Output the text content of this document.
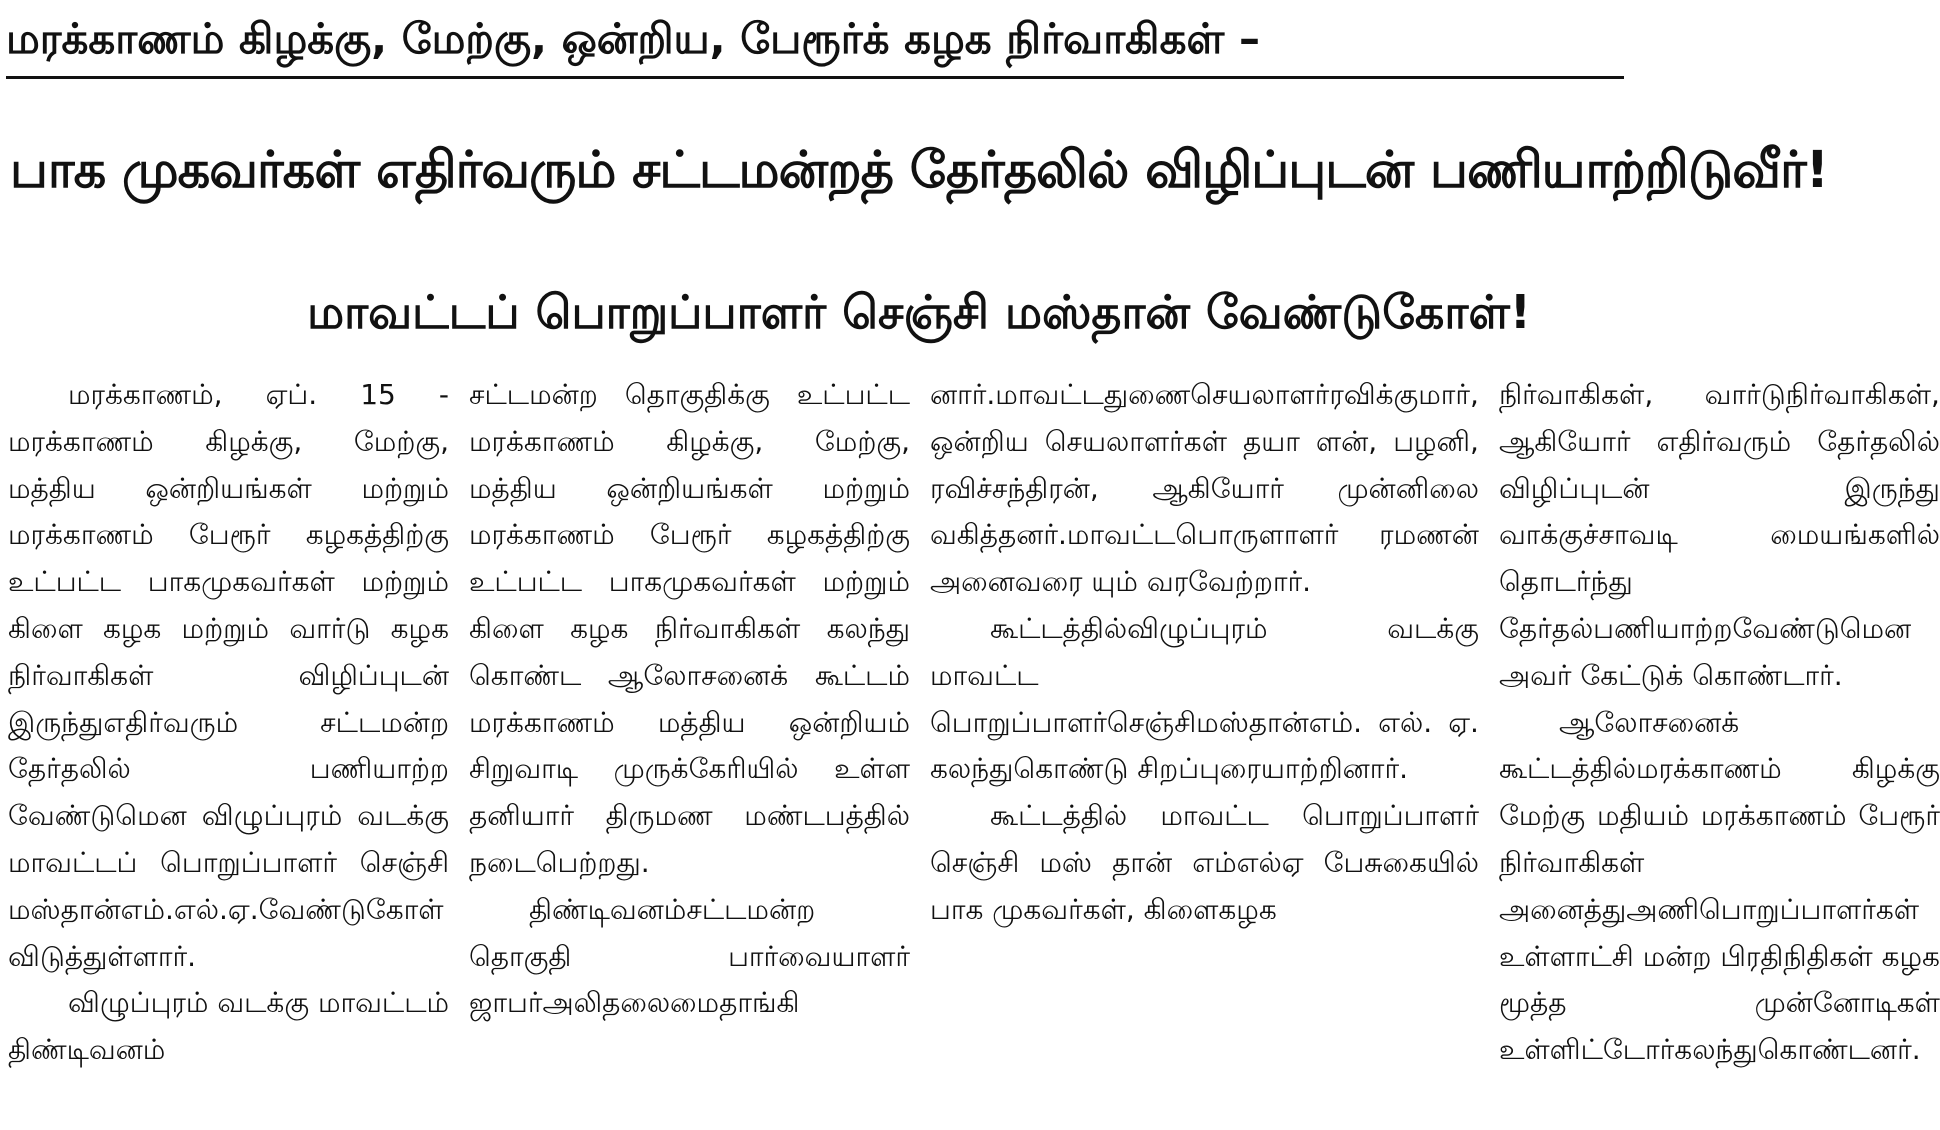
மரக்காணம் கிழக்கு, மேற்கு, ஒன்றிய, பேரூர்க் கழக நிர்வாகிகள் –
பாக முகவர்கள் எதிர்வரும் சட்டமன்றத் தேர்தலில் விழிப்புடன் பணியாற்றிடுவீர்!
மாவட்டப் பொறுப்பாளர் செஞ்சி மஸ்தான் வேண்டுகோள்!

மரக்காணம், ஏப். 15 - மரக்காணம் கிழக்கு, மேற்கு, மத்திய ஒன்றியங்கள் மற்றும் மரக்காணம் பேரூர் கழகத்திற்கு உட்பட்ட பாகமுகவர்கள் மற்றும் கிளை கழக மற்றும் வார்டு கழக நிர்வாகிகள் விழிப்புடன் இருந்துஎதிர்வரும் சட்டமன்ற தேர்தலில் பணியாற்ற வேண்டுமென விழுப்புரம் வடக்கு மாவட்டப் பொறுப்பாளர் செஞ்சி மஸ்தான்எம்.எல்.ஏ.வேண்டுகோள் விடுத்துள்ளார்.

விழுப்புரம் வடக்கு மாவட்டம் திண்டிவனம்

சட்டமன்ற தொகுதிக்கு உட்பட்ட மரக்காணம் கிழக்கு, மேற்கு, மத்திய ஒன்றியங்கள் மற்றும் மரக்காணம் பேரூர் கழகத்திற்கு உட்பட்ட பாகமுகவர்கள் மற்றும் கிளை கழக நிர்வாகிகள் கலந்து கொண்ட ஆலோசனைக் கூட்டம் மரக்காணம் மத்திய ஒன்றியம் சிறுவாடி முருக்கேரியில் உள்ள தனியார் திருமண மண்டபத்தில் நடைபெற்றது.

திண்டிவனம்சட்டமன்ற தொகுதி பார்வையாளர் ஜாபர்அலிதலைமைதாங்கி

னார்.மாவட்டதுணைசெயலாளர்ரவிக்குமார், ஒன்றிய செயலாளர்கள் தயா ளன், பழனி, ரவிச்சந்திரன், ஆகியோர் முன்னிலை வகித்தனர்.மாவட்டபொருளாளர் ரமணன் அனைவரை யும் வரவேற்றார்.

கூட்டத்தில்விழுப்புரம் வடக்கு மாவட்ட பொறுப்பாளர்செஞ்சிமஸ்தான்எம். எல். ஏ. கலந்துகொண்டு சிறப்புரையாற்றினார்.

கூட்டத்தில் மாவட்ட பொறுப்பாளர் செஞ்சி மஸ் தான் எம்எல்ஏ பேசுகையில் பாக முகவர்கள், கிளைகழக

நிர்வாகிகள், வார்டுநிர்வாகிகள், ஆகியோர் எதிர்வரும் தேர்தலில் விழிப்புடன் இருந்து வாக்குச்சாவடி மையங்களில் தொடர்ந்து தேர்தல்பணியாற்றவேண்டுமென அவர் கேட்டுக் கொண்டார்.

ஆலோசனைக் கூட்டத்தில்மரக்காணம் கிழக்கு மேற்கு மதியம் மரக்காணம் பேரூர் நிர்வாகிகள் அனைத்துஅணிபொறுப்பாளர்கள் உள்ளாட்சி மன்ற பிரதிநிதிகள் கழக மூத்த முன்னோடிகள் உள்ளிட்டோர்கலந்துகொண்டனர்.
